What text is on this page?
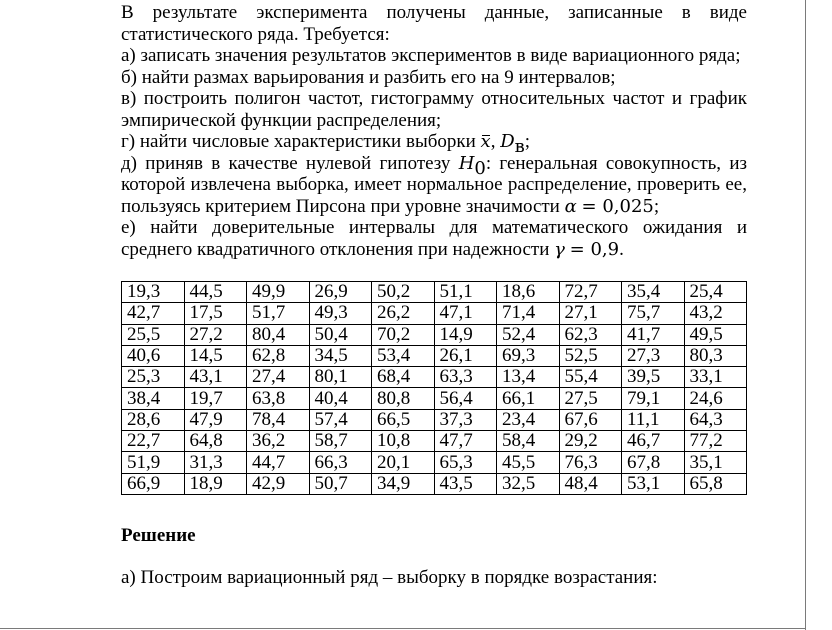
В результате эксперимента получены данные, записанные в виде статистического ряда. Требуется:

а) записать значения результатов экспериментов в виде вариационного ряда;

б) найти размах варьирования и разбить его на 9 интервалов;

в) построить полигон частот, гистограмму относительных частот и график эмпирической функции распределения;

г) найти числовые характеристики выборки x, $D_в$;

д) приняв в качестве нулевой гипотезу $H_0$: генеральная совокупность, из которой извлечена выборка, имеет нормальное распределение, проверить ее, пользуясь критерием Пирсона при уровне значимости α = 0,025;

е) найти доверительные интервалы для математического ожидания и среднего квадратичного отклонения при надежности γ = 0,9.

19,3	44,5	49,9	26,9	50,2	51,1	18,6	72,7	35,4	25,4
42,7	17,5	51,7	49,3	26,2	47,1	71,4	27,1	75,7	43,2
25,5	27,2	80,4	50,4	70,2	14,9	52,4	62,3	41,7	49,5
40,6	14,5	62,8	34,5	53,4	26,1	69,3	52,5	27,3	80,3
25,3	43,1	27,4	80,1	68,4	63,3	13,4	55,4	39,5	33,1
38,4	19,7	63,8	40,4	80,8	56,4	66,1	27,5	79,1	24,6
28,6	47,9	78,4	57,4	66,5	37,3	23,4	67,6	11,1	64,3
22,7	64,8	36,2	58,7	10,8	47,7	58,4	29,2	46,7	77,2
51,9	31,3	44,7	66,3	20,1	65,3	45,5	76,3	67,8	35,1
66,9	18,9	42,9	50,7	34,9	43,5	32,5	48,4	53,1	65,8
Решение
а) Построим вариационный ряд – выборку в порядке возрастания:
